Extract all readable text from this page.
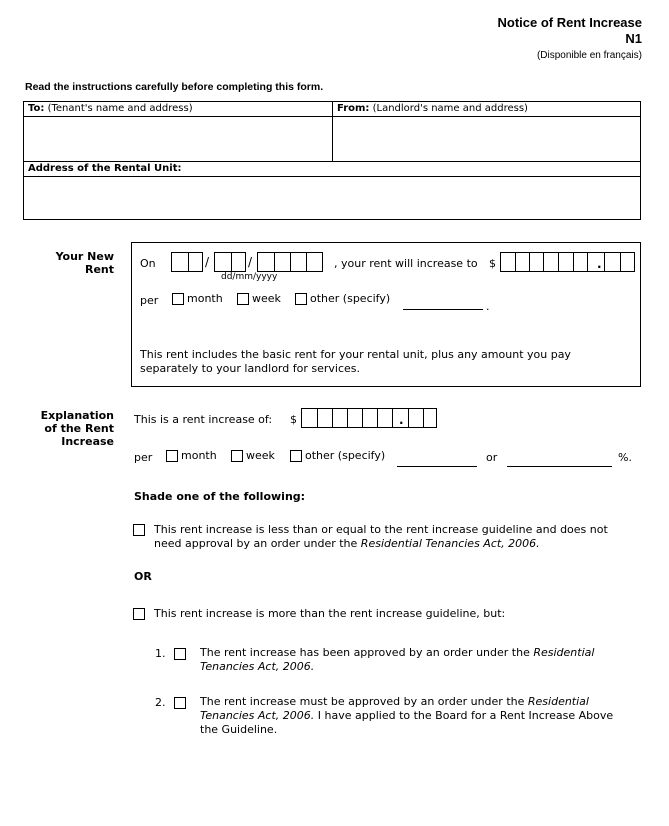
Notice of Rent Increase
N1
(Disponible en français)
Read the instructions carefully before completing this form.
To: (Tenant's name and address)	From: (Landlord's name and address)
Address of the Rental Unit:
Your New
Rent On	/	/
dd/mm/yyyy
, your rent will increase to $	.
per	month	week	other (specify)
.
This rent includes the basic rent for your rental unit, plus any amount you pay
separately to your landlord for services.
Explanation
of the Rent
Increase
This is a rent increase of: $	.
per	month	week	other (specify)	or	%.
Shade one of the following:
This rent increase is less than or equal to the rent increase guideline and does not
need approval by an order under the Residential Tenancies Act, 2006.
OR
This rent increase is more than the rent increase guideline, but:
1.	The rent increase has been approved by an order under the Residential
Tenancies Act, 2006.
2.	The rent increase must be approved by an order under the Residential
Tenancies Act, 2006. I have applied to the Board for a Rent Increase Above
the Guideline.
